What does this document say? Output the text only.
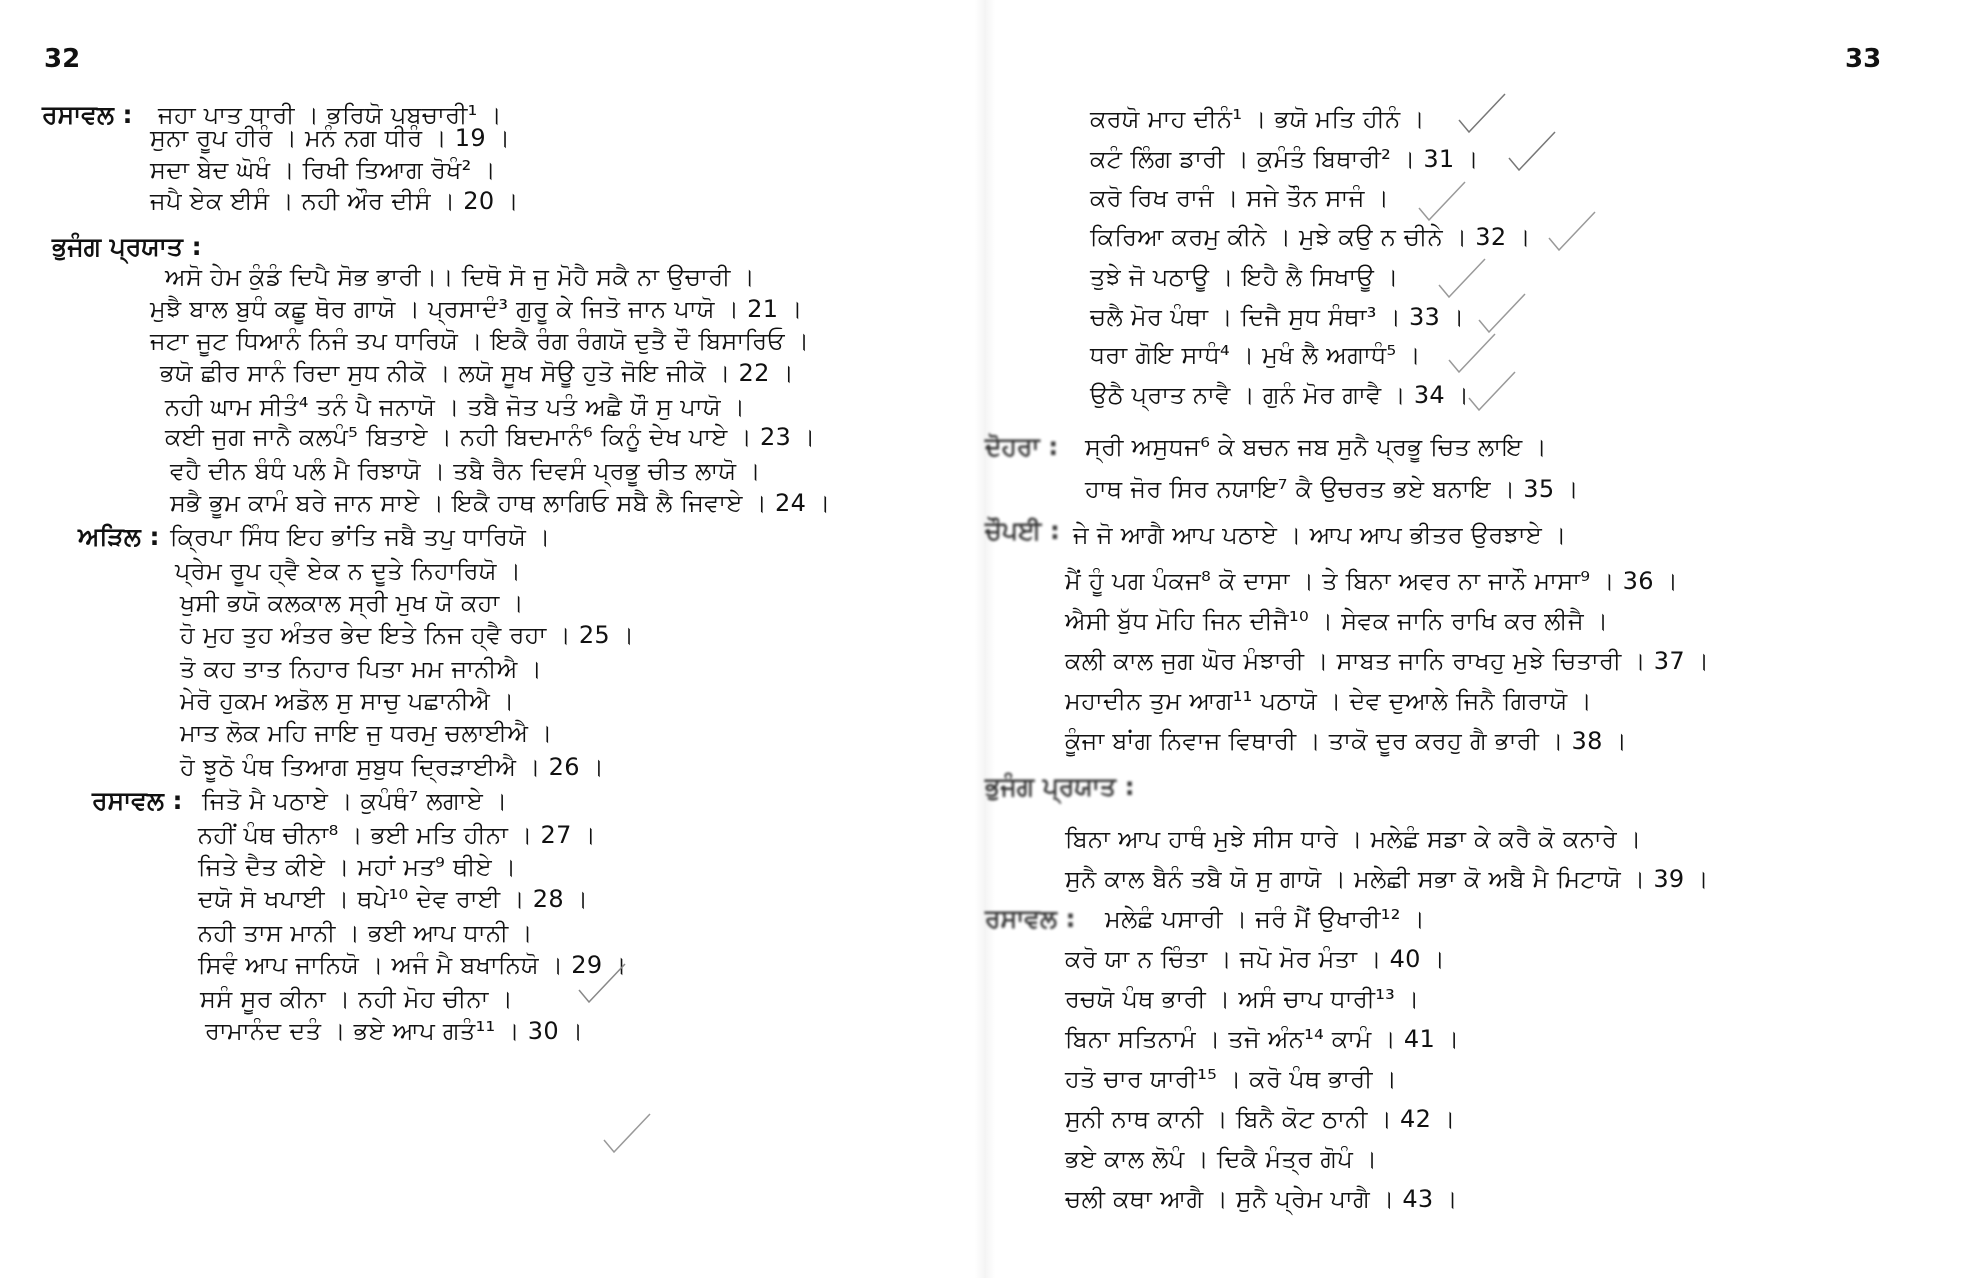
32
ਰਸਾਵਲ : ਜਹਾ ਪਾਤ ਧਾਰੀ । ਭਰਿਯੋ ਪਬਚਾਰੀ¹ ।
ਸੁਨਾ ਰੂਪ ਹੀਰੰ । ਮਨੰ ਨਗ ਧੀਰੰ । 19 ।
ਸਦਾ ਬੇਦ ਘੋਖੰ । ਰਿਖੀ ਤਿਆਗ ਰੋਖੰ² ।
ਜਪੈ ਏਕ ਈਸੰ । ਨਹੀ ਔਰ ਦੀਸੰ । 20 ।
ਭੁਜੰਗ ਪ੍ਰਯਾਤ :
ਅਸੋ ਹੇਮ ਕੁੰਡੰ ਦਿਪੈ ਸੋਭ ਭਾਰੀ।। ਦਿਥੋ ਸੋ ਜੁ ਮੋਹੈ ਸਕੈ ਨਾ ਉਚਾਰੀ ।
ਮੁਝੈ ਬਾਲ ਬੁਧੰ ਕਛੂ ਥੋਰ ਗਾਯੋ । ਪ੍ਰਸਾਦੰ³ ਗੁਰੂ ਕੇ ਜਿਤੋ ਜਾਨ ਪਾਯੋ । 21 ।
ਜਟਾ ਜੂਟ ਧਿਆਨੰ ਨਿਜੰ ਤਪ ਧਾਰਿਯੋ । ਇਕੈ ਰੰਗ ਰੰਗਯੋ ਦੁਤੈ ਦੌ ਬਿਸਾਰਿਓ ।
ਭਯੋ ਛੀਰ ਸਾਨੰ ਰਿਦਾ ਸੁਧ ਨੀਕੋ । ਲਯੋ ਸੂਖ ਸੋਊ ਹੁਤੋ ਜੋਇ ਜੀਕੋ । 22 ।
ਨਹੀ ਘਾਮ ਸੀਤੰ⁴ ਤਨੰ ਪੈ ਜਨਾਯੋ । ਤਬੈ ਜੋਤ ਪਤੰ ਅਛੈ ਯੌ ਸੁ ਪਾਯੋ ।
ਕਈ ਜੁਗ ਜਾਨੈ ਕਲਪੰ⁵ ਬਿਤਾਏ । ਨਹੀ ਬਿਦਮਾਨੰ⁶ ਕਿਨੂੰ ਦੇਖ ਪਾਏ । 23 ।
ਵਹੈ ਦੀਨ ਬੰਧੰ ਪਲੰ ਮੈ ਰਿਝਾਯੋ । ਤਬੈ ਰੈਨ ਦਿਵਸੰ ਪ੍ਰਭੂ ਚੀਤ ਲਾਯੋ ।
ਸਭੈ ਭੂਮ ਕਾਮੰ ਬਰੇ ਜਾਨ ਸਾਏ । ਇਕੈ ਹਾਥ ਲਾਗਿਓ ਸਬੈ ਲੈ ਜਿਵਾਏ । 24 ।
ਅੜਿਲ : ਕ੍ਰਿਪਾ ਸਿੰਧ ਇਹ ਭਾਂਤਿ ਜਬੈ ਤਪੁ ਧਾਰਿਯੋ ।
ਪ੍ਰੇਮ ਰੂਪ ਹ੍ਵੈ ਏਕ ਨ ਦੂਤੇ ਨਿਹਾਰਿਯੋ ।
ਖੁਸੀ ਭਯੋ ਕਲਕਾਲ ਸ੍ਰੀ ਮੁਖ ਯੋ ਕਹਾ ।
ਹੋ ਮੁਹ ਤੁਹ ਅੰਤਰ ਭੇਦ ਇਤੇ ਨਿਜ ਹ੍ਵੈ ਰਹਾ । 25 ।
ਤੋ ਕਹ ਤਾਤ ਨਿਹਾਰ ਪਿਤਾ ਮਮ ਜਾਨੀਐ ।
ਮੇਰੋ ਹੁਕਮ ਅਡੋਲ ਸੁ ਸਾਚੁ ਪਛਾਨੀਐ ।
ਮਾਤ ਲੋਕ ਮਹਿ ਜਾਇ ਜੁ ਧਰਮੁ ਚਲਾਈਐ ।
ਹੋ ਝੂਠੋ ਪੰਥ ਤਿਆਗ ਸੁਬੁਧ ਦ੍ਰਿੜਾਈਐ । 26 ।
ਰਸਾਵਲ : ਜਿਤੋ ਮੈ ਪਠਾਏ । ਕੁਪੰਥੰ⁷ ਲਗਾਏ ।
ਨਹੀਂ ਪੰਥ ਚੀਨਾ⁸ । ਭਈ ਮਤਿ ਹੀਨਾ । 27 ।
ਜਿਤੇ ਦੈਤ ਕੀਏ । ਮਹਾਂ ਮਤ⁹ ਥੀਏ ।
ਦਯੋ ਸੋ ਖਪਾਈ । ਥਪੇ¹⁰ ਦੇਵ ਰਾਈ । 28 ।
ਨਹੀ ਤਾਸ ਮਾਨੀ । ਭਈ ਆਪ ਧਾਨੀ ।
ਸਿਵੰ ਆਪ ਜਾਨਿਯੋ । ਅਜੰ ਮੈ ਬਖਾਨਿਯੋ । 29 ।
ਸਸੰ ਸੂਰ ਕੀਨਾ । ਨਹੀ ਮੋਹ ਚੀਨਾ ।
ਰਾਮਾਨੰਦ ਦਤੰ । ਭਏ ਆਪ ਗਤੰ¹¹ । 30 ।
33
ਕਰਯੋ ਮਾਹ ਦੀਨੰ¹ । ਭਯੋ ਮਤਿ ਹੀਨੰ ।
ਕਟੰ ਲਿੰਗ ਡਾਰੀ । ਕੁਮੰਤੰ ਬਿਥਾਰੀ² । 31 ।
ਕਰੋ ਰਿਖ ਰਾਜੰ । ਸਜੇ ਤੌਨ ਸਾਜੰ ।
ਕਿਰਿਆ ਕਰਮੁ ਕੀਨੇ । ਮੁਝੇ ਕਉ ਨ ਚੀਨੇ । 32 ।
ਤੁਝੇ ਜੋ ਪਠਾਊ । ਇਹੈ ਲੈ ਸਿਖਾਊ ।
ਚਲੈ ਮੋਰ ਪੰਥਾ । ਦਿਜੈ ਸੁਧ ਸੰਥਾ³ । 33 ।
ਧਰਾ ਗੋਇ ਸਾਧੰ⁴ । ਮੁਖੰ ਲੈ ਅਗਾਧੰ⁵ ।
ਉਠੈ ਪ੍ਰਾਤ ਨਾਵੈ । ਗੁਨੰ ਮੋਰ ਗਾਵੈ । 34 ।
ਦੋਹਰਾ : ਸ੍ਰੀ ਅਸੁਧਜ⁶ ਕੇ ਬਚਨ ਜਬ ਸੁਨੈ ਪ੍ਰਭੂ ਚਿਤ ਲਾਇ ।
ਹਾਥ ਜੋਰ ਸਿਰ ਨਯਾਇ⁷ ਕੈ ਉਚਰਤ ਭਏ ਬਨਾਇ । 35 ।
ਚੌਪਈ : ਜੇ ਜੋ ਆਗੈ ਆਪ ਪਠਾਏ । ਆਪ ਆਪ ਭੀਤਰ ਉਰਝਾਏ ।
ਮੈਂ ਹੂੰ ਪਗ ਪੰਕਜ⁸ ਕੋ ਦਾਸਾ । ਤੇ ਬਿਨਾ ਅਵਰ ਨਾ ਜਾਨੌ ਮਾਸਾ⁹ । 36 ।
ਐਸੀ ਬੁੱਧ ਮੋਹਿ ਜਿਨ ਦੀਜੈ¹⁰ । ਸੇਵਕ ਜਾਨਿ ਰਾਖਿ ਕਰ ਲੀਜੈ ।
ਕਲੀ ਕਾਲ ਜੁਗ ਘੋਰ ਮੰਝਾਰੀ । ਸਾਬਤ ਜਾਨਿ ਰਾਖਹੁ ਮੁਝੇ ਚਿਤਾਰੀ । 37 ।
ਮਹਾਦੀਨ ਤੁਮ ਆਗ¹¹ ਪਠਾਯੋ । ਦੇਵ ਦੁਆਲੇ ਜਿਨੈ ਗਿਰਾਯੋ ।
ਕੂੰਜਾ ਬਾਂਗ ਨਿਵਾਜ ਵਿਥਾਰੀ । ਤਾਕੋ ਦੂਰ ਕਰਹੁ ਗੈ ਭਾਰੀ । 38 ।
ਭੁਜੰਗ ਪ੍ਰਯਾਤ :
ਬਿਨਾ ਆਪ ਹਾਥੰ ਮੁਝੇ ਸੀਸ ਧਾਰੇ । ਮਲੇਛੰ ਸਡਾ ਕੇ ਕਰੈ ਕੋ ਕਨਾਰੇ ।
ਸੁਨੈ ਕਾਲ ਬੈਨੰ ਤਬੈ ਯੋ ਸੁ ਗਾਯੋ । ਮਲੇਛੀ ਸਭਾ ਕੋ ਅਬੈ ਮੈ ਮਿਟਾਯੋ । 39 ।
ਰਸਾਵਲ : ਮਲੇਛੰ ਪਸਾਰੀ । ਜਰੰ ਮੈਂ ਉਖਾਰੀ¹² ।
ਕਰੋ ਯਾ ਨ ਚਿੰਤਾ । ਜਪੋ ਮੋਰ ਮੰਤਾ । 40 ।
ਰਚਯੋ ਪੰਥ ਭਾਰੀ । ਅਸੰ ਚਾਪ ਧਾਰੀ¹³ ।
ਬਿਨਾ ਸਤਿਨਾਮੰ । ਤਜੋ ਅੰਨ¹⁴ ਕਾਮੰ । 41 ।
ਹਤੋ ਚਾਰ ਯਾਰੀ¹⁵ । ਕਰੋ ਪੰਥ ਭਾਰੀ ।
ਸੁਨੀ ਨਾਥ ਕਾਨੀ । ਬਿਨੈ ਕੋਟ ਠਾਨੀ । 42 ।
ਭਏ ਕਾਲ ਲੋਪੰ । ਦਿਕੈ ਮੰਤ੍ਰ ਗੋਪੰ ।
ਚਲੀ ਕਥਾ ਆਗੈ । ਸੁਨੈ ਪ੍ਰੇਮ ਪਾਗੈ । 43 ।
